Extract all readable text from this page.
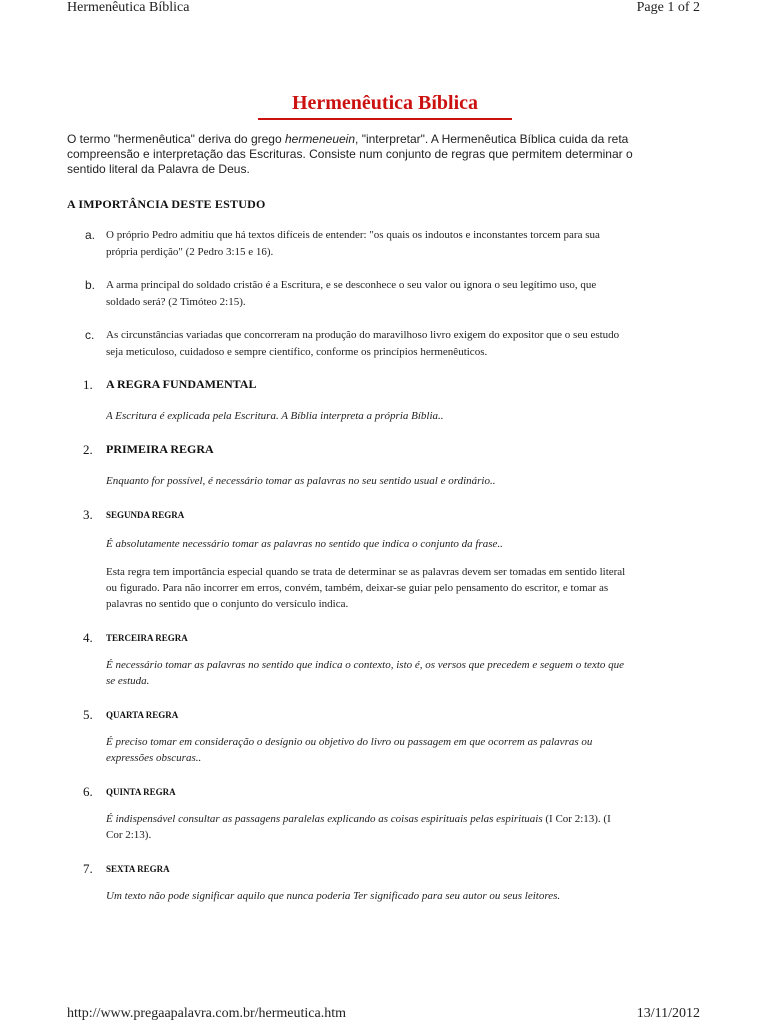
Hermenêutica Bíblica	Page 1 of 2
Hermenêutica Bíblica
O termo "hermenêutica" deriva do grego hermeneuein, "interpretar". A Hermenêutica Bíblica cuida da reta
compreensão e interpretação das Escrituras. Consiste num conjunto de regras que permitem determinar o
sentido literal da Palavra de Deus.
A IMPORTÂNCIA DESTE ESTUDO
a. O próprio Pedro admitiu que há textos difíceis de entender: "os quais os indoutos e inconstantes torcem para sua
própria perdição" (2 Pedro 3:15 e 16).
b. A arma principal do soldado cristão é a Escritura, e se desconhece o seu valor ou ignora o seu legítimo uso, que
soldado será? (2 Timóteo 2:15).
c. As circunstâncias variadas que concorreram na produção do maravilhoso livro exigem do expositor que o seu estudo
seja meticuloso, cuidadoso e sempre científico, conforme os princípios hermenêuticos.
1. A REGRA FUNDAMENTAL
A Escritura é explicada pela Escritura. A Bíblia interpreta a própria Bíblia..
2. PRIMEIRA REGRA
Enquanto for possível, é necessário tomar as palavras no seu sentido usual e ordinário..
3. SEGUNDA REGRA
É absolutamente necessário tomar as palavras no sentido que indica o conjunto da frase..
Esta regra tem importância especial quando se trata de determinar se as palavras devem ser tomadas em sentido literal
ou figurado. Para não incorrer em erros, convém, também, deixar-se guiar pelo pensamento do escritor, e tomar as
palavras no sentido que o conjunto do versículo indica.
4. TERCEIRA REGRA
É necessário tomar as palavras no sentido que indica o contexto, isto é, os versos que precedem e seguem o texto que
se estuda.
5. QUARTA REGRA
É preciso tomar em consideração o desígnio ou objetivo do livro ou passagem em que ocorrem as palavras ou
expressões obscuras..
6. QUINTA REGRA
É indispensável consultar as passagens paralelas explicando as coisas espirituais pelas espirituais (I Cor 2:13). (I
Cor 2:13).
7. SEXTA REGRA
Um texto não pode significar aquilo que nunca poderia Ter significado para seu autor ou seus leitores.
http://www.pregaapalavra.com.br/hermeutica.htm	13/11/2012
